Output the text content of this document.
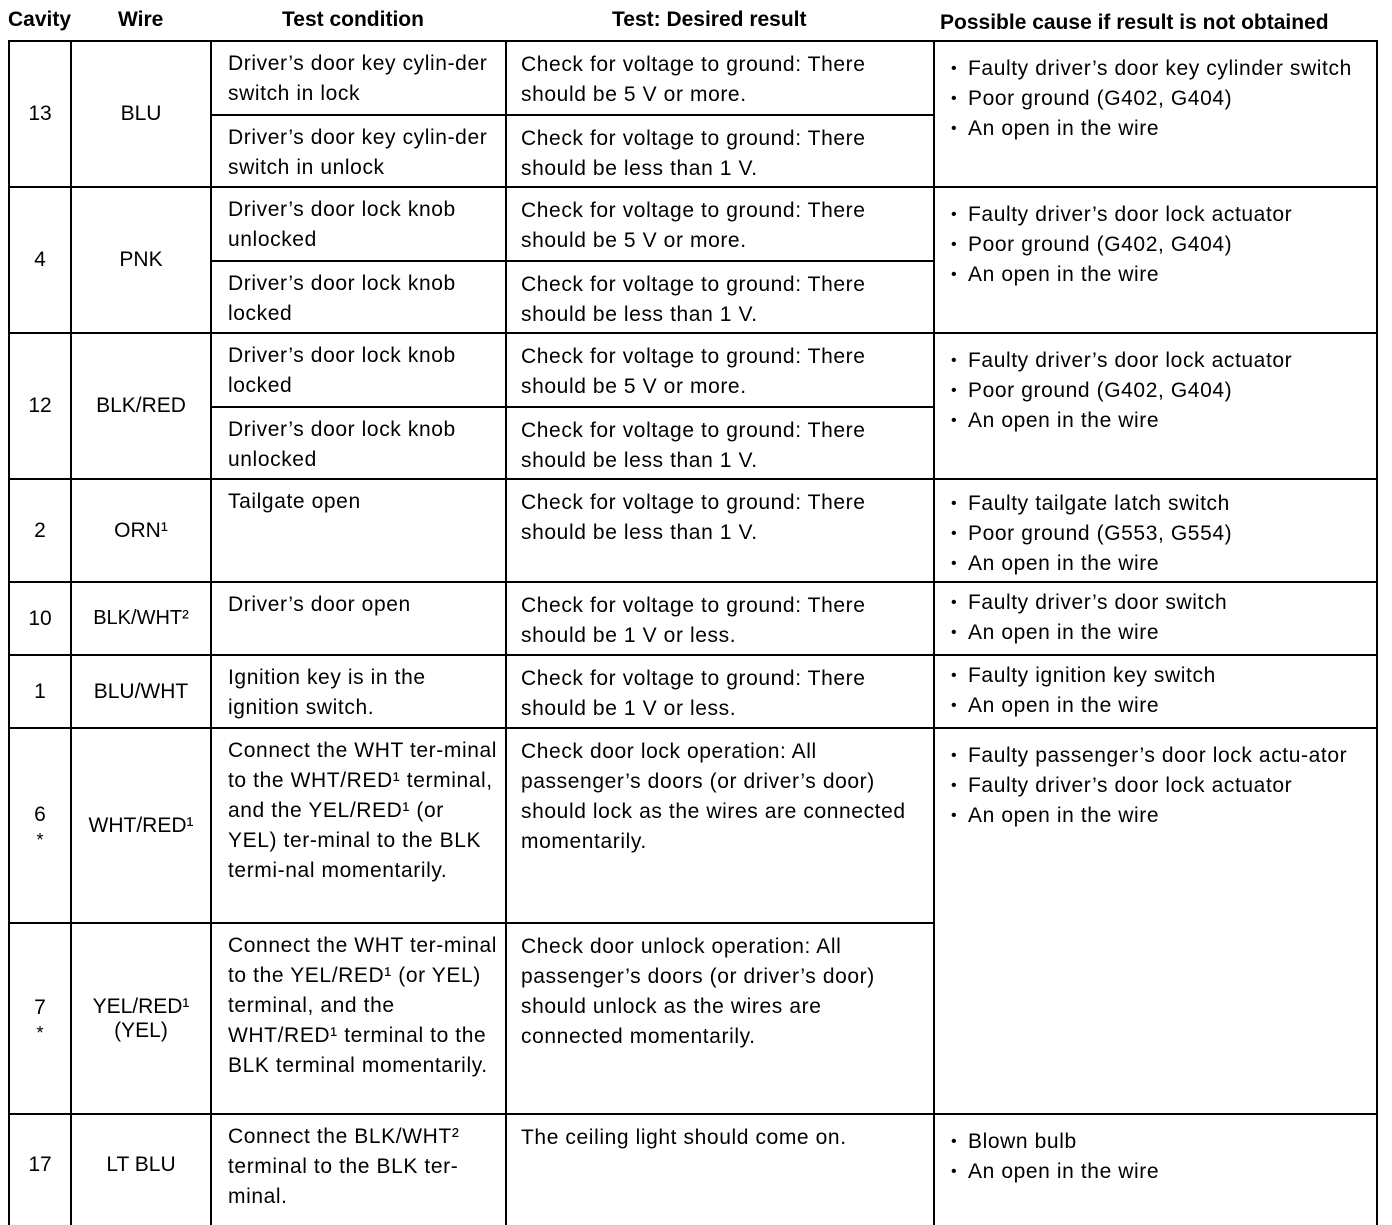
Cavity Wire	Test condition	Test: Desired result	Possible cause if result is not obtained
13	BLU
Driver’s door key cylin-der switch in lock
Check for voltage to ground: There should be 5 V or more.
Driver’s door key cylin-der switch in unlock
Check for voltage to ground: There should be less than 1 V.
• Faulty driver’s door key cylinder switch
• Poor ground (G402, G404)
• An open in the wire
4	PNK
Driver’s door lock knob unlocked
Check for voltage to ground: There should be 5 V or more.
Driver’s door lock knob locked
Check for voltage to ground: There should be less than 1 V.
• Faulty driver’s door lock actuator
• Poor ground (G402, G404)
• An open in the wire
12	BLK/RED
Driver’s door lock knob locked
Check for voltage to ground: There should be 5 V or more.
Driver’s door lock knob unlocked
Check for voltage to ground: There should be less than 1 V.
• Faulty driver’s door lock actuator
• Poor ground (G402, G404)
• An open in the wire
2	ORN¹
Tailgate open	Check for voltage to ground: There should be less than 1 V.
• Faulty tailgate latch switch
• Poor ground (G553, G554)
• An open in the wire
10	BLK/WHT²
Driver’s door open	Check for voltage to ground: There should be 1 V or less.
• Faulty driver’s door switch
• An open in the wire
1	BLU/WHT
Ignition key is in the ignition switch.
Check for voltage to ground: There should be 1 V or less.
• Faulty ignition key switch
• An open in the wire
6
*
WHT/RED¹
Connect the WHT ter-minal to the WHT/RED¹ terminal, and the YEL/RED¹ (or YEL) ter-minal to the BLK termi-nal momentarily.
Check door lock operation: All passenger’s doors (or driver’s door) should lock as the wires are connected momentarily.
7
*
YEL/RED¹
(YEL)
Connect the WHT ter-minal to the YEL/RED¹ (or YEL) terminal, and the WHT/RED¹ terminal to the BLK terminal momentarily.
Check door unlock operation: All passenger’s doors (or driver’s door) should unlock as the wires are connected momentarily.
• Faulty passenger’s door lock actu-ator
• Faulty driver’s door lock actuator
• An open in the wire
17	LT BLU
Connect the BLK/WHT² terminal to the BLK ter-minal.
The ceiling light should come on.
•	Blown bulb
• An open in the wire
